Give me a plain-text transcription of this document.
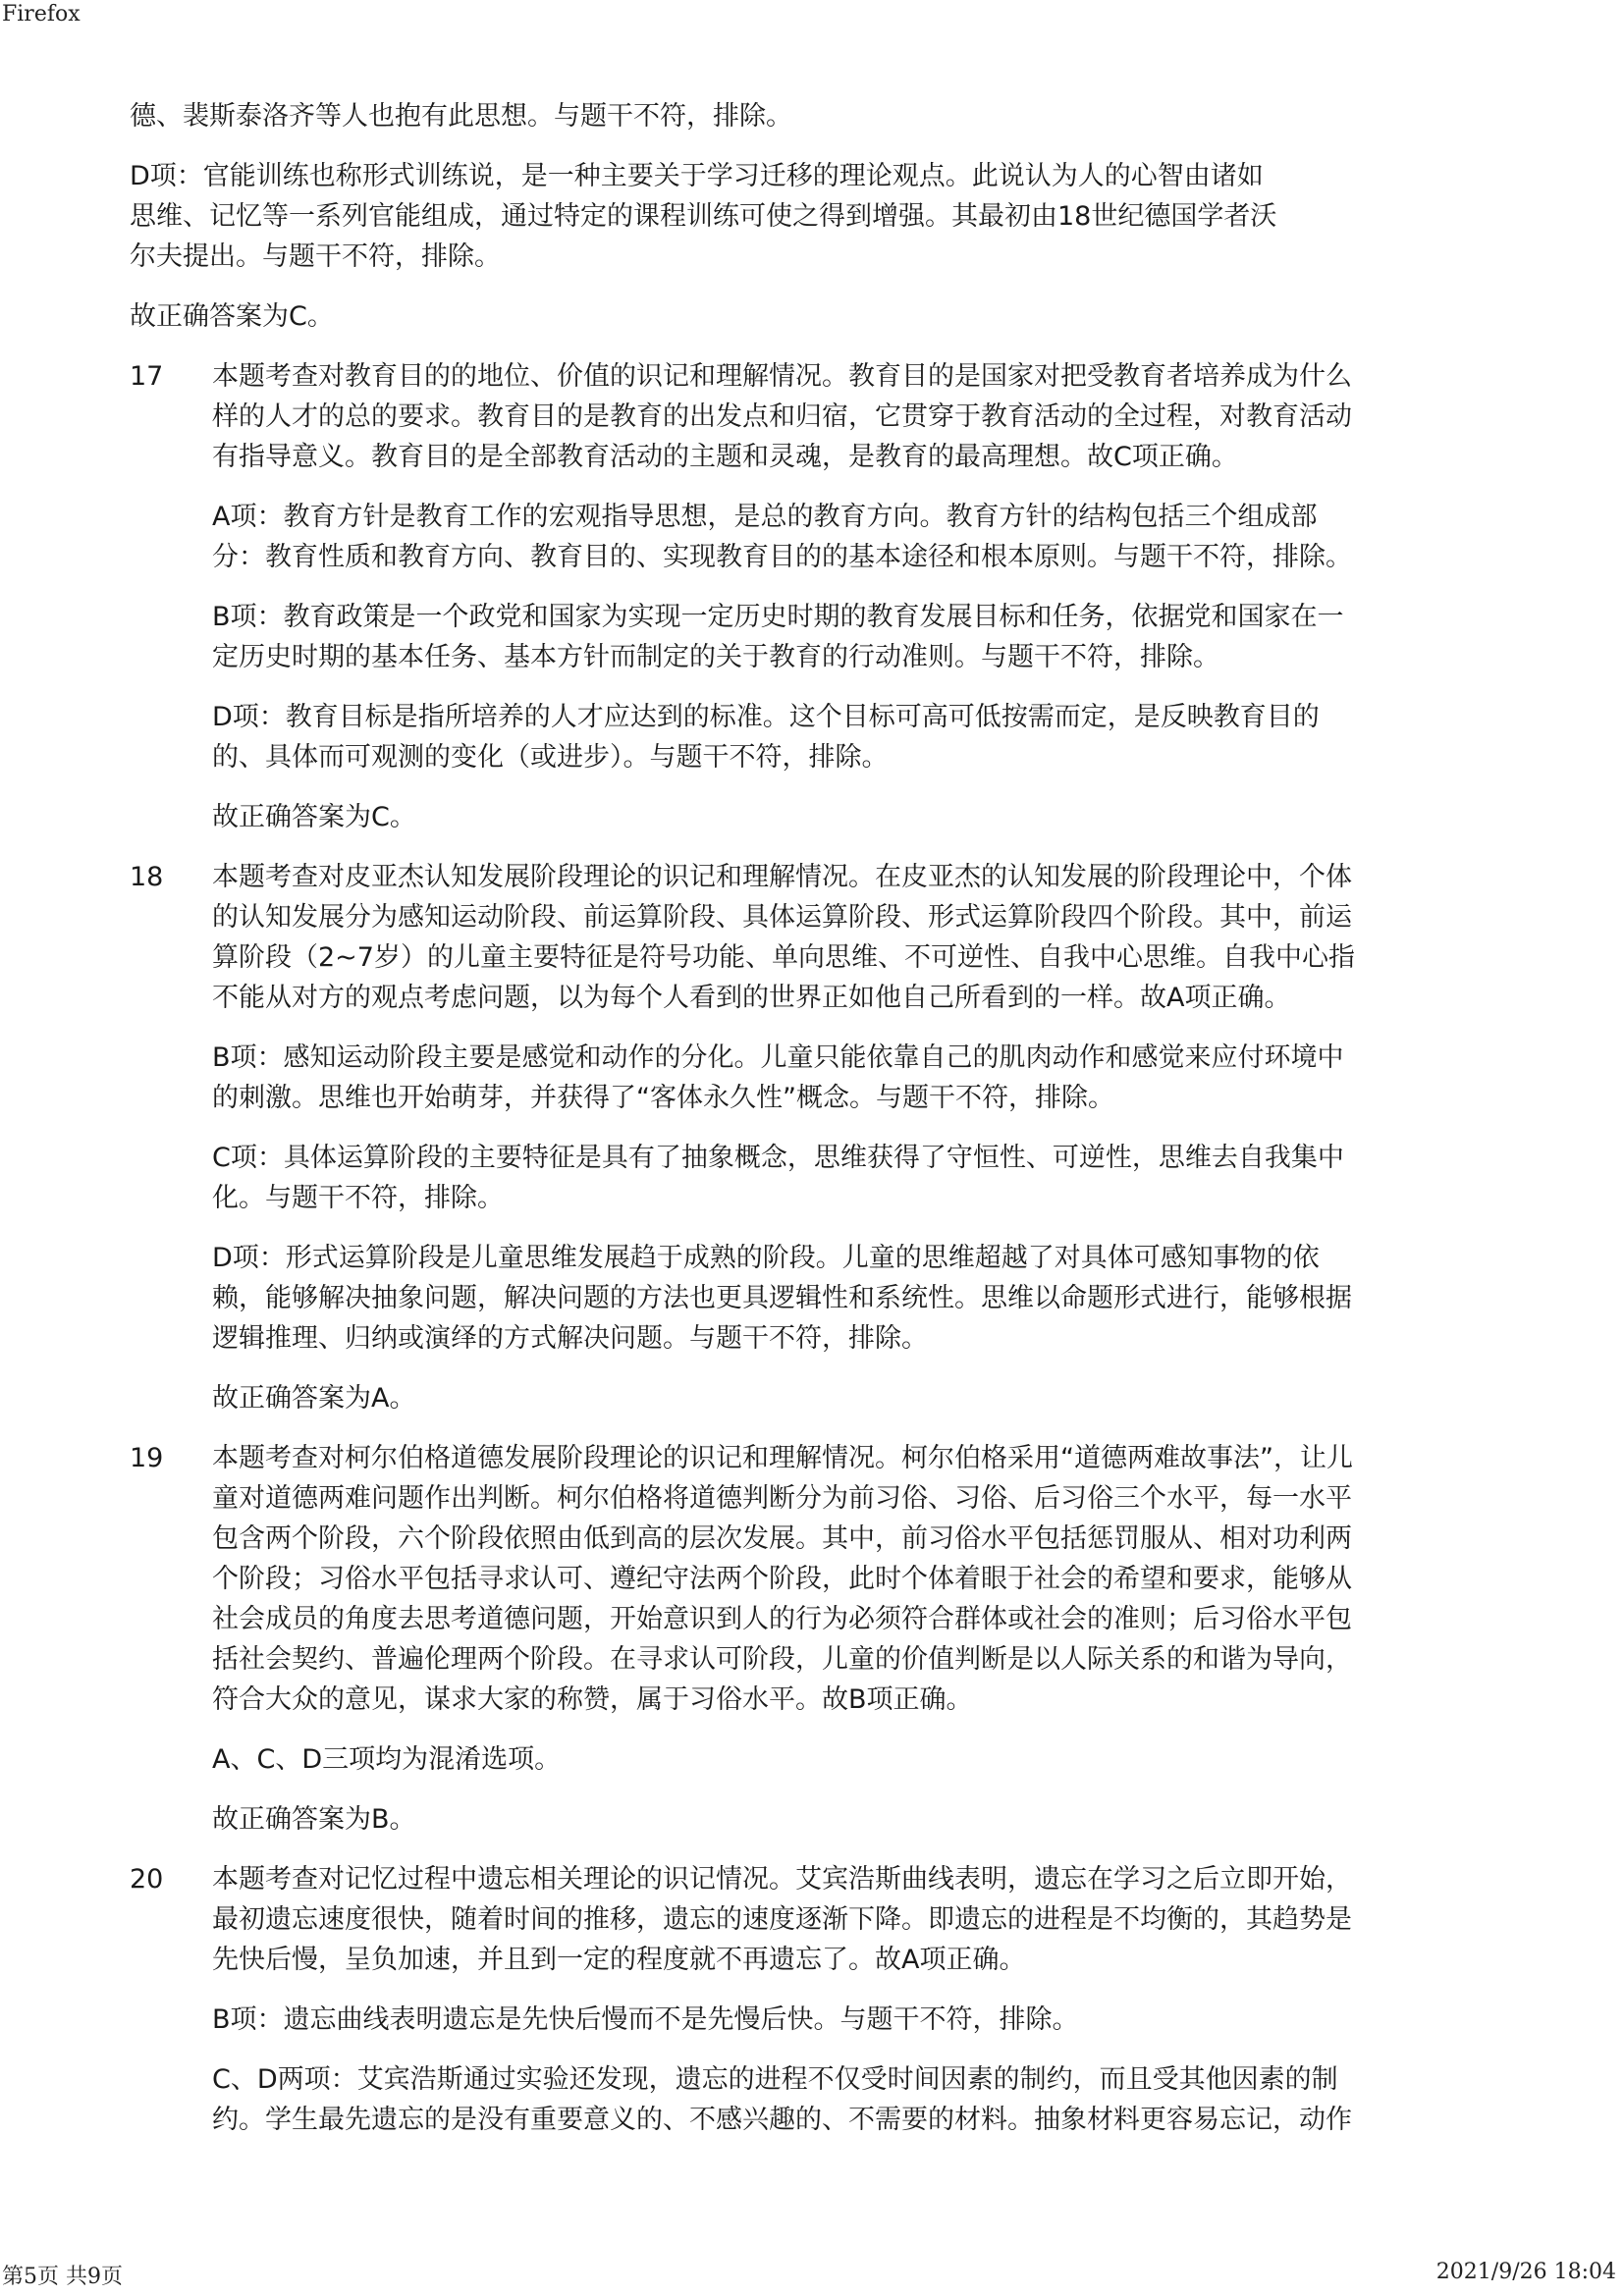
Firefox

德、裴斯泰洛齐等人也抱有此思想。与题干不符，排除。

D项：官能训练也称形式训练说，是一种主要关于学习迁移的理论观点。此说认为人的心智由诸如
思维、记忆等一系列官能组成，通过特定的课程训练可使之得到增强。其最初由18世纪德国学者沃
尔夫提出。与题干不符，排除。

故正确答案为C。

17 本题考查对教育目的的地位、价值的识记和理解情况。教育目的是国家对把受教育者培养成为什么
样的人才的总的要求。教育目的是教育的出发点和归宿，它贯穿于教育活动的全过程，对教育活动
有指导意义。教育目的是全部教育活动的主题和灵魂，是教育的最高理想。故C项正确。

A项：教育方针是教育工作的宏观指导思想，是总的教育方向。教育方针的结构包括三个组成部
分：教育性质和教育方向、教育目的、实现教育目的的基本途径和根本原则。与题干不符，排除。

B项：教育政策是一个政党和国家为实现一定历史时期的教育发展目标和任务，依据党和国家在一
定历史时期的基本任务、基本方针而制定的关于教育的行动准则。与题干不符，排除。

D项：教育目标是指所培养的人才应达到的标准。这个目标可高可低按需而定，是反映教育目的
的、具体而可观测的变化（或进步）。与题干不符，排除。

故正确答案为C。

18 本题考查对皮亚杰认知发展阶段理论的识记和理解情况。在皮亚杰的认知发展的阶段理论中，个体
的认知发展分为感知运动阶段、前运算阶段、具体运算阶段、形式运算阶段四个阶段。其中，前运
算阶段（2~7岁）的儿童主要特征是符号功能、单向思维、不可逆性、自我中心思维。自我中心指
不能从对方的观点考虑问题，以为每个人看到的世界正如他自己所看到的一样。故A项正确。

B项：感知运动阶段主要是感觉和动作的分化。儿童只能依靠自己的肌肉动作和感觉来应付环境中
的刺激。思维也开始萌芽，并获得了“客体永久性”概念。与题干不符，排除。

C项：具体运算阶段的主要特征是具有了抽象概念，思维获得了守恒性、可逆性，思维去自我集中
化。与题干不符，排除。

D项：形式运算阶段是儿童思维发展趋于成熟的阶段。儿童的思维超越了对具体可感知事物的依
赖，能够解决抽象问题，解决问题的方法也更具逻辑性和系统性。思维以命题形式进行，能够根据
逻辑推理、归纳或演绎的方式解决问题。与题干不符，排除。

故正确答案为A。

19 本题考查对柯尔伯格道德发展阶段理论的识记和理解情况。柯尔伯格采用“道德两难故事法”，让儿
童对道德两难问题作出判断。柯尔伯格将道德判断分为前习俗、习俗、后习俗三个水平，每一水平
包含两个阶段，六个阶段依照由低到高的层次发展。其中，前习俗水平包括惩罚服从、相对功利两
个阶段；习俗水平包括寻求认可、遵纪守法两个阶段，此时个体着眼于社会的希望和要求，能够从
社会成员的角度去思考道德问题，开始意识到人的行为必须符合群体或社会的准则；后习俗水平包
括社会契约、普遍伦理两个阶段。在寻求认可阶段，儿童的价值判断是以人际关系的和谐为导向，
符合大众的意见，谋求大家的称赞，属于习俗水平。故B项正确。

A、C、D三项均为混淆选项。

故正确答案为B。

20 本题考查对记忆过程中遗忘相关理论的识记情况。艾宾浩斯曲线表明，遗忘在学习之后立即开始，
最初遗忘速度很快，随着时间的推移，遗忘的速度逐渐下降。即遗忘的进程是不均衡的，其趋势是
先快后慢，呈负加速，并且到一定的程度就不再遗忘了。故A项正确。

B项：遗忘曲线表明遗忘是先快后慢而不是先慢后快。与题干不符，排除。

C、D两项：艾宾浩斯通过实验还发现，遗忘的进程不仅受时间因素的制约，而且受其他因素的制
约。学生最先遗忘的是没有重要意义的、不感兴趣的、不需要的材料。抽象材料更容易忘记，动作

第5页 共9页	2021/9/26 18:04
